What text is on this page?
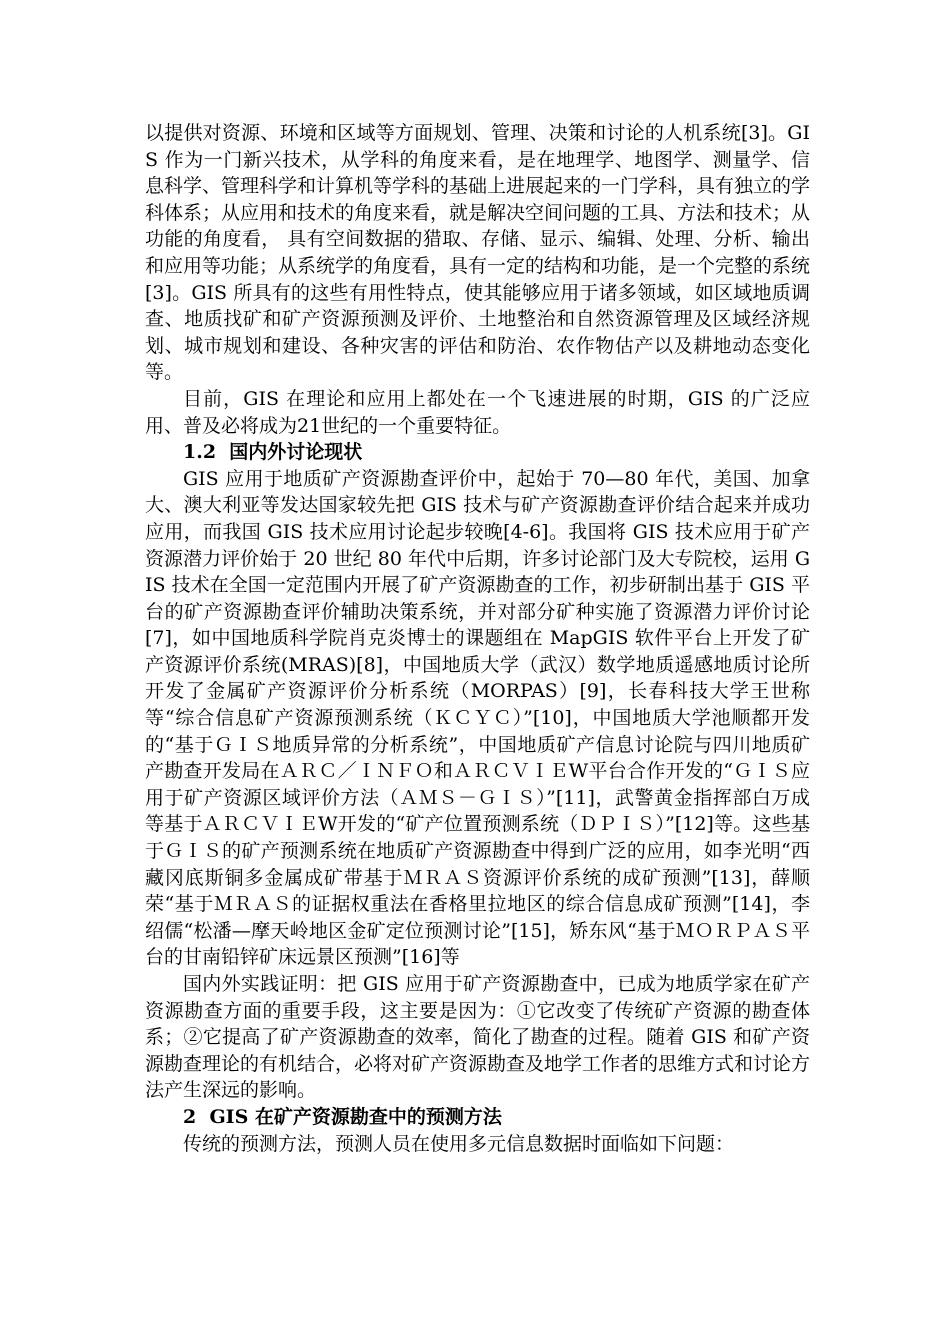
以提供对资源、环境和区域等方面规划、管理、决策和讨论的人机系统[3]。GIS 作为一门新兴技术，从学科的角度来看，是在地理学、地图学、测量学、信息科学、管理科学和计算机等学科的基础上进展起来的一门学科，具有独立的学科体系；从应用和技术的角度来看，就是解决空间问题的工具、方法和技术；从功能的角度看， 具有空间数据的猎取、存储、显示、编辑、处理、分析、输出和应用等功能；从系统学的角度看，具有一定的结构和功能，是一个完整的系统[3]。GIS 所具有的这些有用性特点，使其能够应用于诸多领域，如区域地质调查、地质找矿和矿产资源预测及评价、土地整治和自然资源管理及区域经济规划、城市规划和建设、各种灾害的评估和防治、农作物估产以及耕地动态变化等。

目前，GIS 在理论和应用上都处在一个飞速进展的时期，GIS 的广泛应用、普及必将成为21世纪的一个重要特征。

1.2  国内外讨论现状

GIS 应用于地质矿产资源勘查评价中，起始于 70—80 年代，美国、加拿大、澳大利亚等发达国家较先把 GIS 技术与矿产资源勘查评价结合起来并成功应用，而我国 GIS 技术应用讨论起步较晚[4-6]。我国将 GIS 技术应用于矿产资源潜力评价始于 20 世纪 80 年代中后期，许多讨论部门及大专院校，运用 GIS 技术在全国一定范围内开展了矿产资源勘查的工作，初步研制出基于 GIS 平台的矿产资源勘查评价辅助决策系统，并对部分矿种实施了资源潜力评价讨论[7]，如中国地质科学院肖克炎博士的课题组在 MapGIS 软件平台上开发了矿产资源评价系统(MRAS)[8]，中国地质大学（武汉）数学地质遥感地质讨论所开发了金属矿产资源评价分析系统（MORPAS）[9]，长春科技大学王世称等“综合信息矿产资源预测系统（ＫＣＹＣ）”[10]，中国地质大学池顺都开发的“基于ＧＩＳ地质异常的分析系统”，中国地质矿产信息讨论院与四川地质矿产勘查开发局在ＡＲＣ／ＩＮＦＯ和ＡＲＣＶＩＥW平台合作开发的“ＧＩＳ应用于矿产资源区域评价方法（ＡＭＳ－ＧＩＳ）”[11]，武警黄金指挥部白万成等基于ＡＲＣＶＩＥW开发的“矿产位置预测系统（ＤＰＩＳ）”[12]等。这些基于ＧＩＳ的矿产预测系统在地质矿产资源勘查中得到广泛的应用，如李光明“西藏冈底斯铜多金属成矿带基于ＭＲＡＳ资源评价系统的成矿预测”[13]，薛顺荣“基于ＭＲＡＳ的证据权重法在香格里拉地区的综合信息成矿预测”[14]，李绍儒“松潘—摩天岭地区金矿定位预测讨论”[15]，矫东风“基于ＭＯＲＰＡＳ平台的甘南铅锌矿床远景区预测”[16]等

国内外实践证明：把 GIS 应用于矿产资源勘查中，已成为地质学家在矿产资源勘查方面的重要手段，这主要是因为：①它改变了传统矿产资源的勘查体系；②它提高了矿产资源勘查的效率，简化了勘查的过程。随着 GIS 和矿产资源勘查理论的有机结合，必将对矿产资源勘查及地学工作者的思维方式和讨论方法产生深远的影响。

2  GIS 在矿产资源勘查中的预测方法

传统的预测方法，预测人员在使用多元信息数据时面临如下问题：
